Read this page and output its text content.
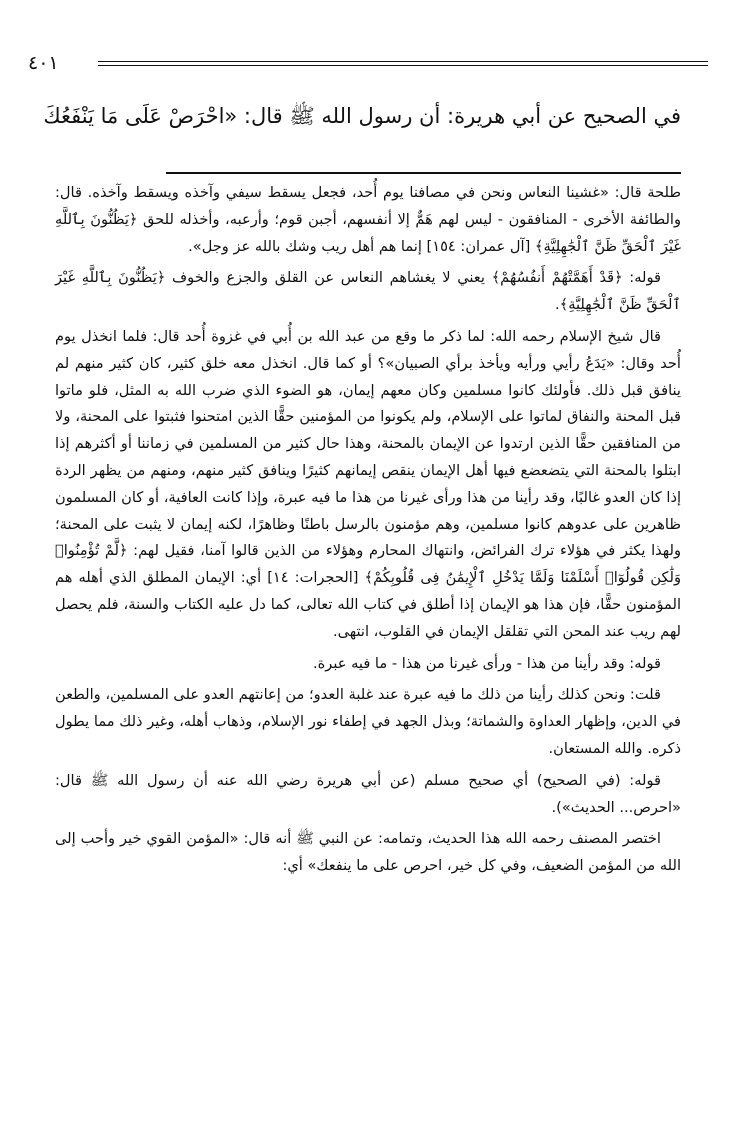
٤٠١
في الصحيح عن أبي هريرة: أن رسول الله ﷺ قال: «احْرَصْ عَلَى مَا يَنْفَعُكَ

طلحة قال: «غشينا النعاس ونحن في مصافنا يوم أُحد، فجعل يسقط سيفي وآخذه ويسقط وآخذه. قال: والطائفة الأخرى - المنافقون - ليس لهم هَمٌّ إلا أنفسهم، أجبن قوم؛ وأرعبه، وأخذله للحق ﴿يَظُنُّونَ بِٱللَّهِ غَيْرَ ٱلْحَقِّ ظَنَّ ٱلْجَٰهِلِيَّةِ﴾ [آل عمران: ١٥٤] إنما هم أهل ريب وشك بالله عز وجل».

قوله: ﴿قَدْ أَهَمَّتْهُمْ أَنفُسُهُمْ﴾ يعني لا يغشاهم النعاس عن القلق والجزع والخوف ﴿يَظُنُّونَ بِٱللَّهِ غَيْرَ ٱلْحَقِّ ظَنَّ ٱلْجَٰهِلِيَّةِ﴾.

قال شيخ الإسلام رحمه الله: لما ذكر ما وقع من عبد الله بن أُبي في غزوة أُحد قال: فلما انخذل يوم أُحد وقال: «يَدَعُ رأيي ورأيه ويأخذ برأي الصبيان»؟ أو كما قال. انخذل معه خلق كثير، كان كثير منهم لم ينافق قبل ذلك. فأولئك كانوا مسلمين وكان معهم إيمان، هو الضوء الذي ضرب الله به المثل، فلو ماتوا قبل المحنة والنفاق لماتوا على الإسلام، ولم يكونوا من المؤمنين حقًّا الذين امتحنوا فثبتوا على المحنة، ولا من المنافقين حقًّا الذين ارتدوا عن الإيمان بالمحنة، وهذا حال كثير من المسلمين في زماننا أو أكثرهم إذا ابتلوا بالمحنة التي يتضعضع فيها أهل الإيمان ينقص إيمانهم كثيرًا وينافق كثير منهم، ومنهم من يظهر الردة إذا كان العدو غالبًا، وقد رأينا من هذا ورأى غيرنا من هذا ما فيه عبرة، وإذا كانت العافية، أو كان المسلمون ظاهرين على عدوهم كانوا مسلمين، وهم مؤمنون بالرسل باطنًا وظاهرًا، لكنه إيمان لا يثبت على المحنة؛ ولهذا يكثر في هؤلاء ترك الفرائض، وانتهاك المحارم وهؤلاء من الذين قالوا آمنا، فقيل لهم: ﴿لَّمْ تُؤْمِنُوا۟ وَلَٰكِن قُولُوٓا۟ أَسْلَمْنَا وَلَمَّا يَدْخُلِ ٱلْإِيمَٰنُ فِى قُلُوبِكُمْ﴾ [الحجرات: ١٤] أي: الإيمان المطلق الذي أهله هم المؤمنون حقًّا، فإن هذا هو الإيمان إذا أطلق في كتاب الله تعالى، كما دل عليه الكتاب والسنة، فلم يحصل لهم ريب عند المحن التي تقلقل الإيمان في القلوب، انتهى.

قوله: وقد رأينا من هذا - ورأى غيرنا من هذا - ما فيه عبرة.

قلت: ونحن كذلك رأينا من ذلك ما فيه عبرة عند غلبة العدو؛ من إعانتهم العدو على المسلمين، والطعن في الدين، وإظهار العداوة والشماتة؛ وبذل الجهد في إطفاء نور الإسلام، وذهاب أهله، وغير ذلك مما يطول ذكره. والله المستعان.

قوله: (في الصحيح) أي صحيح مسلم (عن أبي هريرة رضي الله عنه أن رسول الله ﷺ قال: «احرص... الحديث»).

اختصر المصنف رحمه الله هذا الحديث، وتمامه: عن النبي ﷺ أنه قال: «المؤمن القوي خير وأحب إلى الله من المؤمن الضعيف، وفي كل خير، احرص على ما ينفعك» أي:
